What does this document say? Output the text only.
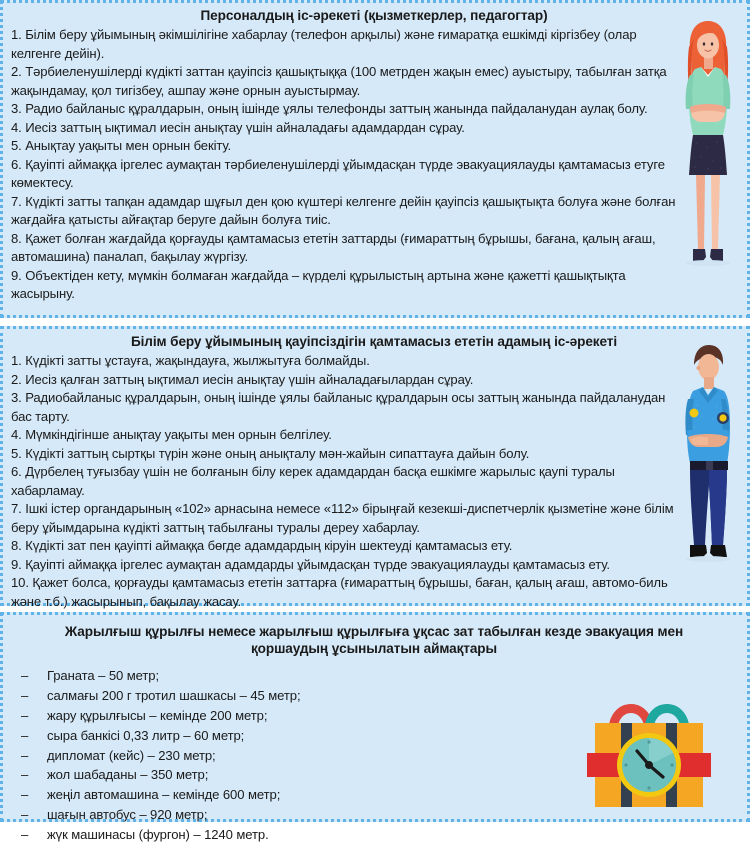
Персоналдың іс-әрекеті (қызметкерлер, педагогтар)
1. Білім беру ұйымының әкімшілігіне хабарлау (телефон арқылы) және ғимаратқа ешкімді кіргізбеу (олар келгенге дейін).
2. Тәрбиеленушілерді күдікті заттан қауіпсіз қашықтыққа (100 метрден жақын емес) ауыстыру, табылған затқа жақындамау, қол тигізбеу, ашпау және орнын ауыстырмау.
3. Радио байланыс құралдарын, оның ішінде ұялы телефонды заттың жанында пайдаланудан аулақ болу.
4. Иесіз заттың ықтимал иесін анықтау үшін айналадағы адамдардан сұрау.
5. Анықтау уақыты мен орнын бекіту.
6. Қауіпті аймаққа іргелес аумақтан тәрбиеленушілерді ұйымдасқан түрде эвакуациялауды қамтамасыз етуге көмектесу.
7. Күдікті затты тапқан адамдар шұғыл ден қою күштері келгенге дейін қауіпсіз қашықтықта болуға және болған жағдайға қатысты айғақтар беруге дайын болуға тиіс.
8. Қажет болған жағдайда қорғауды қамтамасыз ететін заттарды (ғимараттың бұрышы, бағана, қалың ағаш, автомашина) паналап, бақылау жүргізу.
9. Объектіден кету, мүмкін болмаған жағдайда – күрделі құрылыстың артына және қажетті қашықтықта жасырыну.
Білім беру ұйымының қауіпсіздігін қамтамасыз ететін адамың іс-әрекеті
1. Күдікті затты ұстауға, жақындауға, жылжытуға болмайды.
2. Иесіз қалған заттың ықтимал иесін анықтау үшін айналадағылардан сұрау.
3. Радиобайланыс құралдарын, оның ішінде ұялы байланыс құралдарын осы заттың жанында пайдаланудан бас тарту.
4. Мүмкіндігінше анықтау уақыты мен орнын белгілеу.
5. Күдікті заттың сыртқы түрін және оның анықталу мән-жайын сипаттауға дайын болу.
6. Дүрбелең туғызбау үшін не болғанын білу керек адамдардан басқа ешкімге жарылыс қаупі туралы хабарламау.
7. Ішкі істер органдарының «102» арнасына немесе «112» бірыңғай кезекші-диспетчерлік қызметіне және білім беру ұйымдарына күдікті заттың табылғаны туралы дереу хабарлау.
8. Күдікті зат пен қауіпті аймаққа бөгде адамдардың кіруін шектеуді қамтамасыз ету.
9. Қауіпті аймаққа іргелес аумақтан адамдарды ұйымдасқан түрде эвакуациялауды қамтамасыз ету.
10. Қажет болса, қорғауды қамтамасыз ететін заттарға (ғимараттың бұрышы, бағaн, қалың ағаш, автомо-биль және т.б.) жасырынып, бақылау жасау.
Жарылғыш құрылғы немесе жарылғыш құрылғыға ұқсас зат табылған кезде эвакуация мен қоршаудың ұсынылатын аймақтары
–	Граната – 50 метр;
–	салмағы 200 г тротил шашкасы – 45 метр;
–	жару құрылғысы – кемінде 200 метр;
–	сыра банкісі 0,33 литр – 60 метр;
–	дипломат (кейс) – 230 метр;
–	жол шабаданы – 350 метр;
–	жеңіл автомашина – кемінде 600 метр;
–	шағын автобус – 920 метр;
–	жүк машинасы (фургон) – 1240 метр.
